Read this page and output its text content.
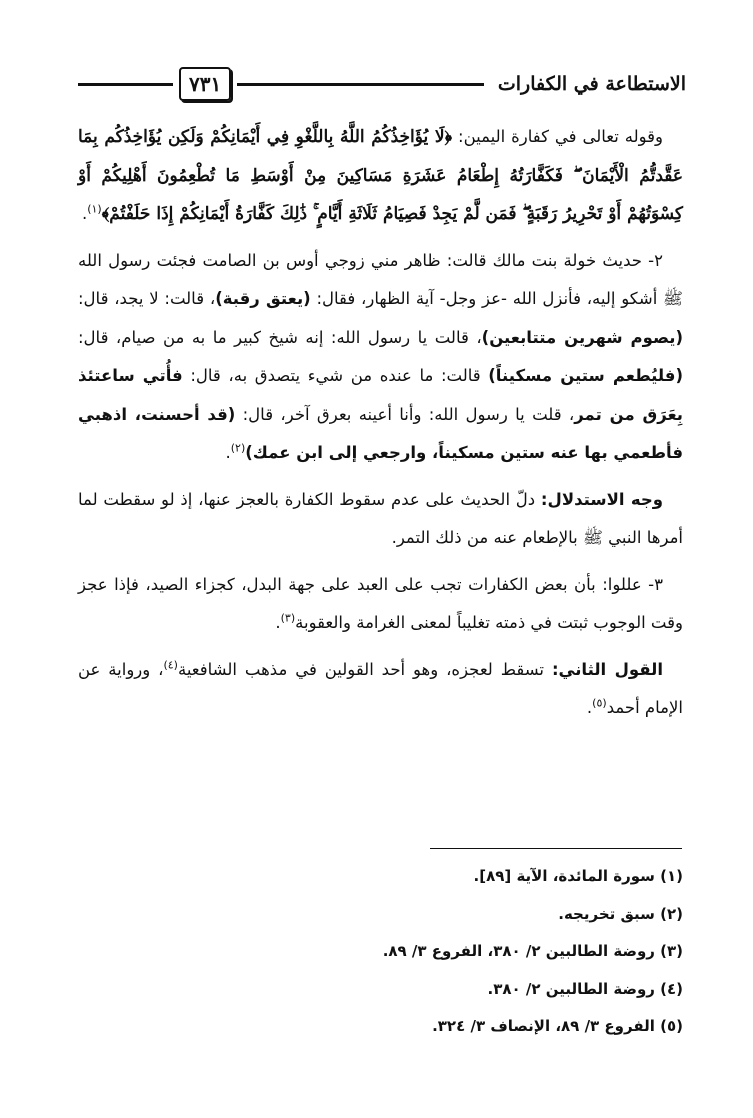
الاستطاعة في الكفارات
٧٣١

وقوله تعالى في كفارة اليمين: ﴿لَا يُؤَاخِذُكُمُ اللَّهُ بِاللَّغْوِ فِي أَيْمَانِكُمْ وَلَكِن يُؤَاخِذُكُم بِمَا عَقَّدتُّمُ الْأَيْمَانَ ۖ فَكَفَّارَتُهُ إِطْعَامُ عَشَرَةِ مَسَاكِينَ مِنْ أَوْسَطِ مَا تُطْعِمُونَ أَهْلِيكُمْ أَوْ كِسْوَتُهُمْ أَوْ تَحْرِيرُ رَقَبَةٍ ۖ فَمَن لَّمْ يَجِدْ فَصِيَامُ ثَلَاثَةِ أَيَّامٍ ۚ ذَٰلِكَ كَفَّارَةُ أَيْمَانِكُمْ إِذَا حَلَفْتُمْ﴾$^{(١)}$.

٢- حديث خولة بنت مالك قالت: ظاهر مني زوجي أوس بن الصامت فجئت رسول الله ﷺ أشكو إليه، فأنزل الله -عز وجل- آية الظهار، فقال: (يعتق رقبة)، قالت: لا يجد، قال: (يصوم شهرين متتابعين)، قالت يا رسول الله: إنه شيخ كبير ما به من صيام، قال: (فليُطعم ستين مسكيناً) قالت: ما عنده من شيء يتصدق به، قال: فأُتي ساعتئذ بِعَرَق من تمر، قلت يا رسول الله: وأنا أعينه بعرق آخر، قال: (قد أحسنت، اذهبي فأطعمي بها عنه ستين مسكيناً، وارجعي إلى ابن عمك)$^{(٢)}$.

وجه الاستدلال: دلّ الحديث على عدم سقوط الكفارة بالعجز عنها، إذ لو سقطت لما أمرها النبي ﷺ بالإطعام عنه من ذلك التمر.

٣- عللوا: بأن بعض الكفارات تجب على العبد على جهة البدل، كجزاء الصيد، فإذا عجز وقت الوجوب ثبتت في ذمته تغليباً لمعنى الغرامة والعقوبة$^{(٣)}$.

القول الثاني: تسقط لعجزه، وهو أحد القولين في مذهب الشافعية$^{(٤)}$، ورواية عن الإمام أحمد$^{(٥)}$.

(١) سورة المائدة، الآية [٨٩].
(٢) سبق تخريجه.
(٣) روضة الطالبين ٢/ ٣٨٠، الفروع ٣/ ٨٩.
(٤) روضة الطالبين ٢/ ٣٨٠.
(٥) الفروع ٣/ ٨٩، الإنصاف ٣/ ٣٢٤.
